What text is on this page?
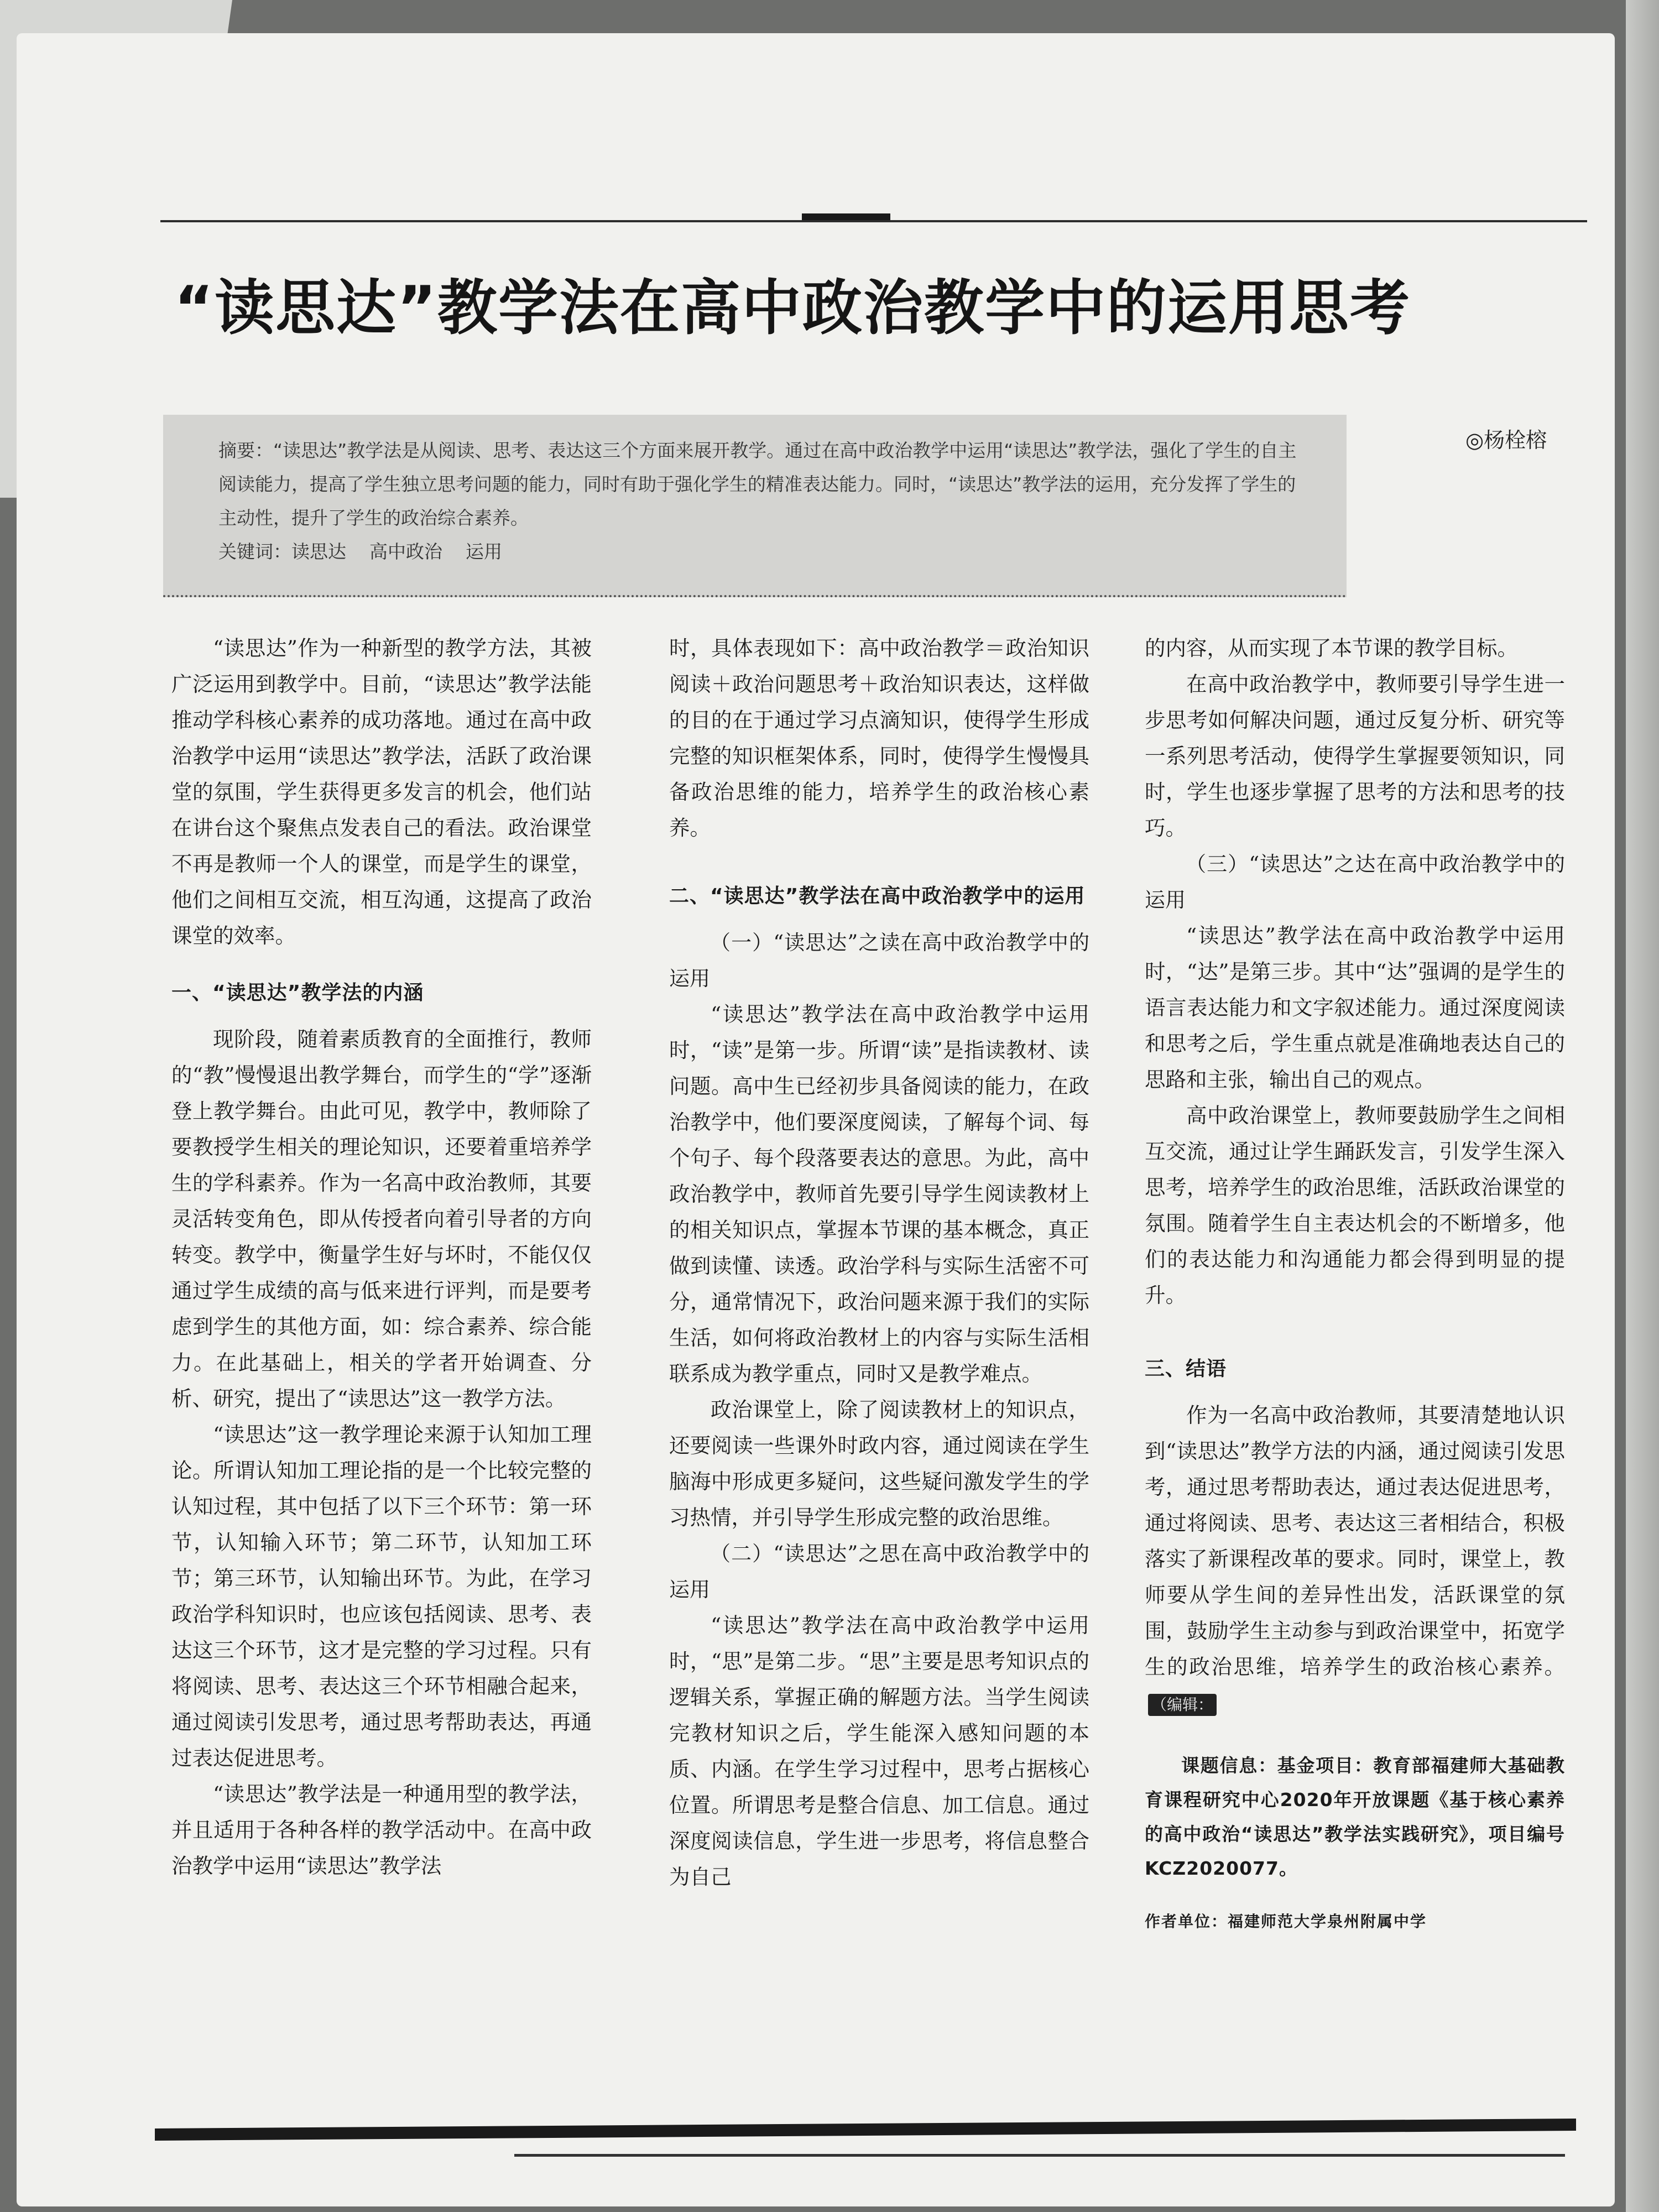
“读思达”教学法在高中政治教学中的运用思考
◎杨栓榕
摘要：“读思达”教学法是从阅读、思考、表达这三个方面来展开教学。通过在高中政治教学中运用“读思达”教学法，强化了学生的自主阅读能力，提高了学生独立思考问题的能力，同时有助于强化学生的精准表达能力。同时，“读思达”教学法的运用，充分发挥了学生的主动性，提升了学生的政治综合素养。
关键词：读思达 高中政治 运用

“读思达”作为一种新型的教学方法，其被广泛运用到教学中。目前，“读思达”教学法能推动学科核心素养的成功落地。通过在高中政治教学中运用“读思达”教学法，活跃了政治课堂的氛围，学生获得更多发言的机会，他们站在讲台这个聚焦点发表自己的看法。政治课堂不再是教师一个人的课堂，而是学生的课堂，他们之间相互交流，相互沟通，这提高了政治课堂的效率。

一、“读思达”教学法的内涵

现阶段，随着素质教育的全面推行，教师的“教”慢慢退出教学舞台，而学生的“学”逐渐登上教学舞台。由此可见，教学中，教师除了要教授学生相关的理论知识，还要着重培养学生的学科素养。作为一名高中政治教师，其要灵活转变角色，即从传授者向着引导者的方向转变。教学中，衡量学生好与坏时，不能仅仅通过学生成绩的高与低来进行评判，而是要考虑到学生的其他方面，如：综合素养、综合能力。在此基础上，相关的学者开始调查、分析、研究，提出了“读思达”这一教学方法。

“读思达”这一教学理论来源于认知加工理论。所谓认知加工理论指的是一个比较完整的认知过程，其中包括了以下三个环节：第一环节，认知输入环节；第二环节，认知加工环节；第三环节，认知输出环节。为此，在学习政治学科知识时，也应该包括阅读、思考、表达这三个环节，这才是完整的学习过程。只有将阅读、思考、表达这三个环节相融合起来，通过阅读引发思考，通过思考帮助表达，再通过表达促进思考。

“读思达”教学法是一种通用型的教学法，并且适用于各种各样的教学活动中。在高中政治教学中运用“读思达”教学法

时，具体表现如下：高中政治教学＝政治知识阅读＋政治问题思考＋政治知识表达，这样做的目的在于通过学习点滴知识，使得学生形成完整的知识框架体系，同时，使得学生慢慢具备政治思维的能力，培养学生的政治核心素养。

二、“读思达”教学法在高中政治教学中的运用
（一）“读思达”之读在高中政治教学中的运用

“读思达”教学法在高中政治教学中运用时，“读”是第一步。所谓“读”是指读教材、读问题。高中生已经初步具备阅读的能力，在政治教学中，他们要深度阅读，了解每个词、每个句子、每个段落要表达的意思。为此，高中政治教学中，教师首先要引导学生阅读教材上的相关知识点，掌握本节课的基本概念，真正做到读懂、读透。政治学科与实际生活密不可分，通常情况下，政治问题来源于我们的实际生活，如何将政治教材上的内容与实际生活相联系成为教学重点，同时又是教学难点。

政治课堂上，除了阅读教材上的知识点，还要阅读一些课外时政内容，通过阅读在学生脑海中形成更多疑问，这些疑问激发学生的学习热情，并引导学生形成完整的政治思维。

（二）“读思达”之思在高中政治教学中的运用

“读思达”教学法在高中政治教学中运用时，“思”是第二步。“思”主要是思考知识点的逻辑关系，掌握正确的解题方法。当学生阅读完教材知识之后，学生能深入感知问题的本质、内涵。在学生学习过程中，思考占据核心位置。所谓思考是整合信息、加工信息。通过深度阅读信息，学生进一步思考，将信息整合为自己

的内容，从而实现了本节课的教学目标。

在高中政治教学中，教师要引导学生进一步思考如何解决问题，通过反复分析、研究等一系列思考活动，使得学生掌握要领知识，同时，学生也逐步掌握了思考的方法和思考的技巧。

（三）“读思达”之达在高中政治教学中的运用

“读思达”教学法在高中政治教学中运用时，“达”是第三步。其中“达”强调的是学生的语言表达能力和文字叙述能力。通过深度阅读和思考之后，学生重点就是准确地表达自己的思路和主张，输出自己的观点。

高中政治课堂上，教师要鼓励学生之间相互交流，通过让学生踊跃发言，引发学生深入思考，培养学生的政治思维，活跃政治课堂的氛围。随着学生自主表达机会的不断增多，他们的表达能力和沟通能力都会得到明显的提升。

三、结语

作为一名高中政治教师，其要清楚地认识到“读思达”教学方法的内涵，通过阅读引发思考，通过思考帮助表达，通过表达促进思考，通过将阅读、思考、表达这三者相结合，积极落实了新课程改革的要求。同时，课堂上，教师要从学生间的差异性出发，活跃课堂的氛围，鼓励学生主动参与到政治课堂中，拓宽学生的政治思维，培养学生的政治核心素养。（编辑：

课题信息：基金项目：教育部福建师大基础教育课程研究中心2020年开放课题《基于核心素养的高中政治“读思达”教学法实践研究》，项目编号KCZ2020077。
作者单位：福建师范大学泉州附属中学
